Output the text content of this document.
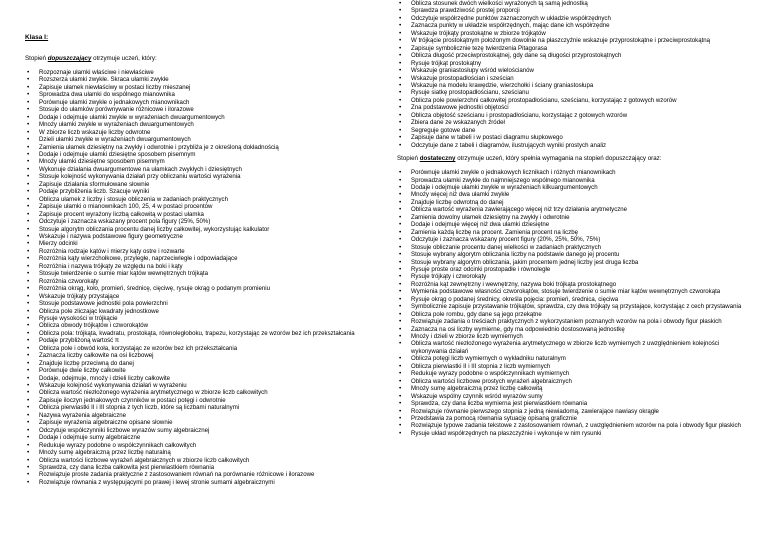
Klasa I:
Stopień dopuszczający otrzymuje uczeń, który:
• Rozpoznaje ułamki właściwe i niewłaściwe
• Rozszerza ułamki zwykłe. Skraca ułamki zwykłe
• Zapisuje ułamek niewłaściwy w postaci liczby mieszanej
• Sprowadza dwa ułamki do wspólnego mianownika
• Porównuje ułamki zwykłe o jednakowych mianownikach
• Stosuje do ułamków porównywanie różnicowe i ilorazowe
• Dodaje i odejmuje ułamki zwykłe w wyrażeniach dwuargumentowych
• Mnoży ułamki zwykłe w wyrażeniach dwuargumentowych
• W zbiorze liczb wskazuje liczby odwrotne
• Dzieli ułamki zwykłe w wyrażeniach dwuargumentowych
• Zamienia ułamek dziesiętny na zwykły i odwrotnie i przybliża je z określoną dokładnością
• Dodaje i odejmuje ułamki dziesiętne sposobem pisemnym
• Mnoży ułamki dziesiętne sposobem pisemnym
• Wykonuje działania dwuargumentowe na ułamkach zwykłych i dziesiętnych
• Stosuje kolejność wykonywania działań przy obliczaniu wartości wyrażenia
• Zapisuje działania sformułowane słownie
• Podaje przybliżenia liczb. Szacuje wyniki
• Oblicza ułamek z liczby i stosuje obliczenia w zadaniach praktycznych
• Zapisuje ułamki o mianownikach 100, 25, 4 w postaci procentów
• Zapisuje procent wyrażony liczbą całkowitą w postaci ułamka
• Odczytuje i zaznacza wskazany procent pola figury (25%, 50%)
• Stosuje algorytm obliczania procentu danej liczby całkowitej, wykorzystując kalkulator
• Wskazuje i nazywa podstawowe figury geometryczne
• Mierzy odcinki
• Rozróżnia rodzaje kątów i mierzy kąty ostre i rozwarte
• Rozróżnia kąty wierzchołkowe, przyległe, naprzeciwległe i odpowiadające
• Rozróżnia i nazywa trójkąty ze względu na boki i kąty
• Stosuje twierdzenie o sumie miar kątów wewnętrznych trójkąta
• Rozróżnia czworokąty
• Rozróżnia okrąg, koło, promień, średnicę, cięciwę, rysuje okrąg o podanym promieniu
• Wskazuje trójkąty przystające
• Stosuje podstawowe jednostki pola powierzchni
• Oblicza pole zliczając kwadraty jednostkowe
• Rysuje wysokości w trójkącie
• Oblicza obwody trójkątów i czworokątów
• Oblicza pola: trójkąta, kwadratu, prostokąta, równoległoboku, trapezu, korzystając ze wzorów bez ich przekształcania
• Podaje przybliżoną wartość π
• Oblicza pole i obwód koła, korzystając ze wzorów bez ich przekształcania
• Zaznacza liczby całkowite na osi liczbowej
• Znajduje liczbę przeciwną do danej
• Porównuje dwie liczby całkowite
• Dodaje, odejmuje, mnoży i dzieli liczby całkowite
• Wskazuje kolejność wykonywania działań w wyrażeniu
• Oblicza wartość niezłożonego wyrażenia arytmetycznego w zbiorze liczb całkowitych
• Zapisuje iloczyn jednakowych czynników w postaci potęgi i odwrotnie
• Oblicza pierwiastki II i III stopnia z tych liczb, które są liczbami naturalnymi
• Nazywa wyrażenia algebraiczne
• Zapisuje wyrażenia algebraiczne opisane słownie
• Odczytuje współczynniki liczbowe wyrazów sumy algebraicznej
• Dodaje i odejmuje sumy algebraiczne
• Redukuje wyrazy podobne o współczynnikach całkowitych
• Mnoży sumę algebraiczną przez liczbę naturalną
• Oblicza wartości liczbowe wyrażeń algebraicznych w zbiorze liczb całkowitych
• Sprawdza, czy dana liczba całkowita jest pierwiastkiem równania
• Rozwiązuje proste zadania praktyczne z zastosowaniem równań na porównanie różnicowe i ilorazowe
• Rozwiązuje równania z występującymi po prawej i lewej stronie sumami algebraicznymi
• Oblicza stosunek dwóch wielkości wyrażonych tą samą jednostką
• Sprawdza prawdziwość prostej proporcji
• Odczytuje współrzędne punktów zaznaczonych w układzie współrzędnych
• Zaznacza punkty w układzie współrzędnych, mając dane ich współrzędne
• Wskazuje trójkąty prostokątne w zbiorze trójkątów
• W trójkącie prostokątnym położonym dowolnie na płaszczyźnie wskazuje przyprostokątne i przeciwprostokątną
• Zapisuje symbolicznie tezę twierdzenia Pitagorasa
• Oblicza długość przeciwprostokątnej, gdy dane są długości przyprostokątnych
• Rysuje trójkąt prostokątny
• Wskazuje graniastosłupy wśród wielościanów
• Wskazuje prostopadłościan i sześcian
• Wskazuje na modelu krawędzie, wierzchołki i ściany graniastosłupa
• Rysuje siatkę prostopadłościanu, sześcianu
• Oblicza pole powierzchni całkowitej prostopadłościanu, sześcianu, korzystając z gotowych wzorów
• Zna podstawowe jednostki objętości
• Oblicza objętość sześcianu i prostopadłościanu, korzystając z gotowych wzorów
• Zbiera dane ze wskazanych źródeł
• Segreguje gotowe dane
• Zapisuje dane w tabeli i w postaci diagramu słupkowego
• Odczytuje dane z tabeli i diagramów, ilustrujących wyniki prostych analiz
Stopień dostateczny otrzymuje uczeń, który spełnia wymagania na stopień dopuszczający oraz:
• Porównuje ułamki zwykłe o jednakowych licznikach i różnych mianownikach
• Sprowadza ułamki zwykłe do najmniejszego wspólnego mianownika
• Dodaje i odejmuje ułamki zwykłe w wyrażeniach kilkuargumentowych
• Mnoży więcej niż dwa ułamki zwykłe
• Znajduje liczbę odwrotną do danej
• Oblicza wartość wyrażenia zawierającego więcej niż trzy działania arytmetyczne
• Zamienia dowolny ułamek dziesiętny na zwykły i odwrotnie
• Dodaje i odejmuje więcej niż dwa ułamki dziesiętne
• Zamienia każdą liczbę na procent. Zamienia procent na liczbę
• Odczytuje i zaznacza wskazany procent figury (20%, 25%, 50%, 75%)
• Stosuje obliczanie procentu danej wielkości w zadaniach praktycznych
• Stosuje wybrany algorytm obliczania liczby na podstawie danego jej procentu
• Stosuje wybrany algorytm obliczania, jakim procentem jednej liczby jest druga liczba
• Rysuje proste oraz odcinki prostopadłe i równoległe
• Rysuje trójkąty i czworokąty
• Rozróżnia kąt zewnętrzny i wewnętrzny, nazywa boki trójkąta prostokątnego
• Wymienia podstawowe własności czworokątów, stosuje twierdzenie o sumie miar kątów wewnętrznych czworokąta
• Rysuje okrąg o podanej średnicy, określa pojęcia: promień, średnica, cięciwa
• Symbolicznie zapisuje przystawanie trójkątów, sprawdza, czy dwa trójkąty są przystające, korzystając z cech przystawania
• Oblicza pole rombu, gdy dane są jego przekątne
• Rozwiązuje zadania o treściach praktycznych z wykorzystaniem poznanych wzorów na pola i obwody figur płaskich
• Zaznacza na osi liczby wymierne, gdy ma odpowiednio dostosowaną jednostkę
• Mnoży i dzieli w zbiorze liczb wymiernych
• Oblicza wartość niezłożonego wyrażenia arytmetycznego w zbiorze liczb wymiernych z uwzględnieniem kolejności wykonywania działań
• Oblicza potęgi liczb wymiernych o wykładniku naturalnym
• Oblicza pierwiastki II i III stopnia z liczb wymiernych
• Redukuje wyrazy podobne o współczynnikach wymiernych
• Oblicza wartości liczbowe prostych wyrażeń algebraicznych
• Mnoży sumę algebraiczną przez liczbę całkowitą
• Wskazuje wspólny czynnik wśród wyrazów sumy
• Sprawdza, czy dana liczba wymierna jest pierwiastkiem równania
• Rozwiązuje równanie pierwszego stopnia z jedną niewiadomą, zawierające nawiasy okrągłe
• Przedstawia za pomocą równania sytuację opisaną graficznie
• Rozwiązuje typowe zadania tekstowe z zastosowaniem równań, z uwzględnieniem wzorów na pola i obwody figur płaskich
• Rysuje układ współrzędnych na płaszczyźnie i wykonuje w nim rysunki
